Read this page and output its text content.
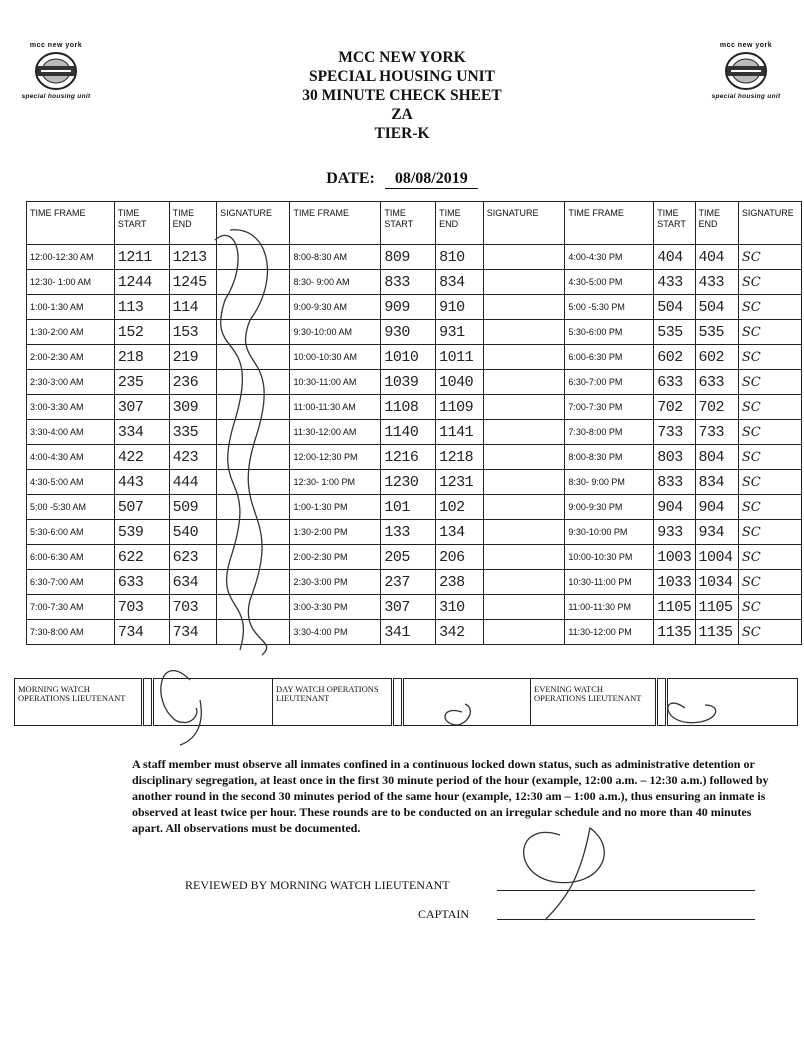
mcc new york
special housing unit
mcc new york
special housing unit
MCC NEW YORK
SPECIAL HOUSING UNIT
30 MINUTE CHECK SHEET
ZA
TIER-K
DATE: 08/08/2019
TIME FRAME	TIME START	TIME END	SIGNATURE	TIME FRAME	TIME START	TIME END	SIGNATURE	TIME FRAME	TIME START	TIME END	SIGNATURE
12:00-12:30 AM	1211	1213		8:00-8:30 AM	809	810		4:00-4:30 PM	404	404	SC
12:30- 1:00 AM	1244	1245		8:30- 9:00 AM	833	834		4:30-5:00 PM	433	433	SC
1:00-1:30 AM	113	114		9:00-9:30 AM	909	910		5:00 -5:30 PM	504	504	SC
1:30-2:00 AM	152	153		9:30-10:00 AM	930	931		5:30-6:00 PM	535	535	SC
2:00-2:30 AM	218	219		10:00-10:30 AM	1010	1011		6:00-6:30 PM	602	602	SC
2:30-3:00 AM	235	236		10:30-11:00 AM	1039	1040		6:30-7:00 PM	633	633	SC
3:00-3:30 AM	307	309		11:00-11:30 AM	1108	1109		7:00-7:30 PM	702	702	SC
3:30-4:00 AM	334	335		11:30-12:00 AM	1140	1141		7:30-8:00 PM	733	733	SC
4:00-4:30 AM	422	423		12:00-12:30 PM	1216	1218		8:00-8:30 PM	803	804	SC
4:30-5:00 AM	443	444		12:30- 1:00 PM	1230	1231		8:30- 9:00 PM	833	834	SC
5:00 -5:30 AM	507	509		1:00-1:30 PM	101	102		9:00-9:30 PM	904	904	SC
5:30-6:00 AM	539	540		1:30-2:00 PM	133	134		9:30-10:00 PM	933	934	SC
6:00-6:30 AM	622	623		2:00-2:30 PM	205	206		10:00-10:30 PM	1003	1004	SC
6:30-7:00 AM	633	634		2:30-3:00 PM	237	238		10:30-11:00 PM	1033	1034	SC
7:00-7:30 AM	703	703		3:00-3:30 PM	307	310		11:00-11:30 PM	1105	1105	SC
7:30-8:00 AM	734	734		3:30-4:00 PM	341	342		11:30-12:00 PM	1135	1135	SC
MORNING WATCH OPERATIONS LIEUTENANT			DAY WATCH OPERATIONS LIEUTENANT			EVENING WATCH OPERATIONS LIEUTENANT		
A staff member must observe all inmates confined in a continuous locked down status, such as administrative detention or disciplinary segregation, at least once in the first 30 minute period of the hour (example, 12:00 a.m. – 12:30 a.m.) followed by another round in the second 30 minutes period of the same hour (example, 12:30 am – 1:00 a.m.), thus ensuring an inmate is observed at least twice per hour. These rounds are to be conducted on an irregular schedule and no more than 40 minutes apart. All observations must be documented.
REVIEWED BY MORNING WATCH LIEUTENANT
CAPTAIN
